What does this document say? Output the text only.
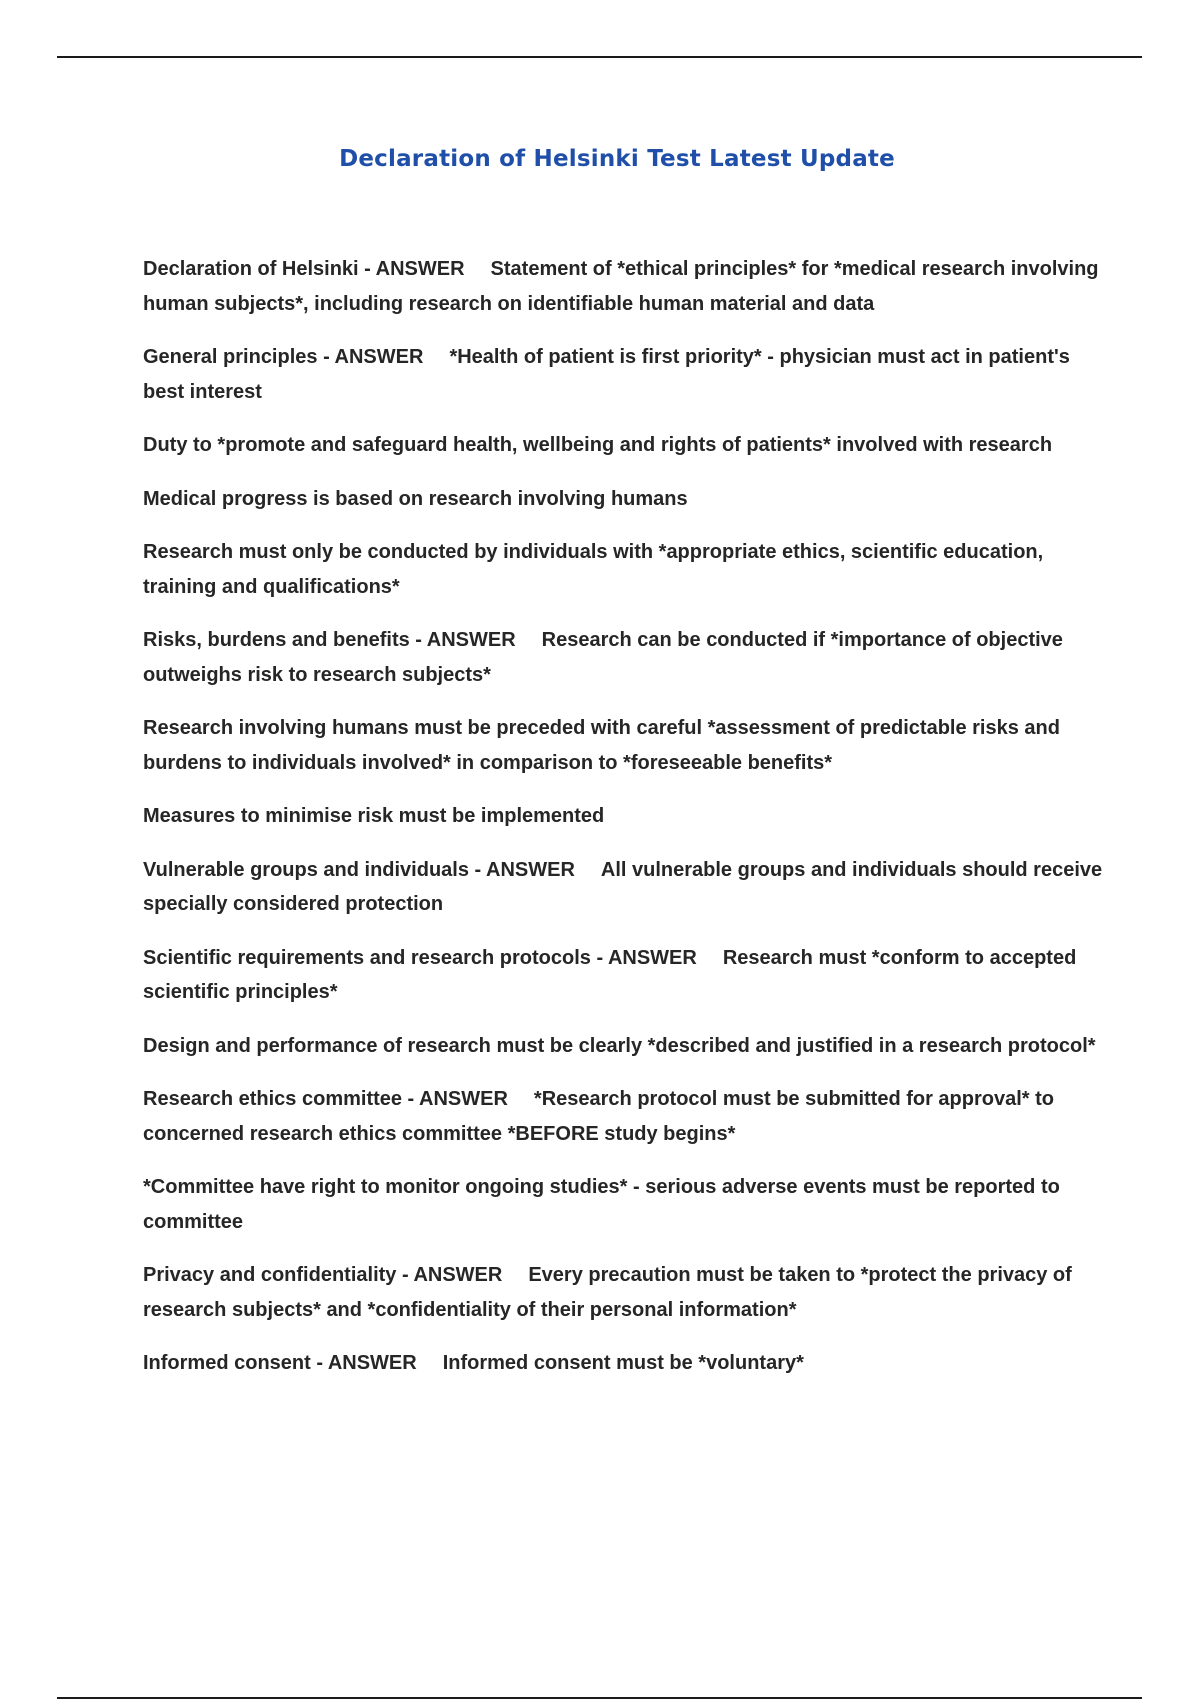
Declaration of Helsinki Test Latest Update

Declaration of Helsinki - ANSWER Statement of *ethical principles* for *medical research involving human subjects*, including research on identifiable human material and data

General principles - ANSWER *Health of patient is first priority* - physician must act in patient's best interest

Duty to *promote and safeguard health, wellbeing and rights of patients* involved with research

Medical progress is based on research involving humans

Research must only be conducted by individuals with *appropriate ethics, scientific education, training and qualifications*

Risks, burdens and benefits - ANSWER Research can be conducted if *importance of objective outweighs risk to research subjects*

Research involving humans must be preceded with careful *assessment of predictable risks and burdens to individuals involved* in comparison to *foreseeable benefits*

Measures to minimise risk must be implemented

Vulnerable groups and individuals - ANSWER All vulnerable groups and individuals should receive specially considered protection

Scientific requirements and research protocols - ANSWER Research must *conform to accepted scientific principles*

Design and performance of research must be clearly *described and justified in a research protocol*

Research ethics committee - ANSWER *Research protocol must be submitted for approval* to concerned research ethics committee *BEFORE study begins*

*Committee have right to monitor ongoing studies* - serious adverse events must be reported to committee

Privacy and confidentiality - ANSWER Every precaution must be taken to *protect the privacy of research subjects* and *confidentiality of their personal information*

Informed consent - ANSWER Informed consent must be *voluntary*
